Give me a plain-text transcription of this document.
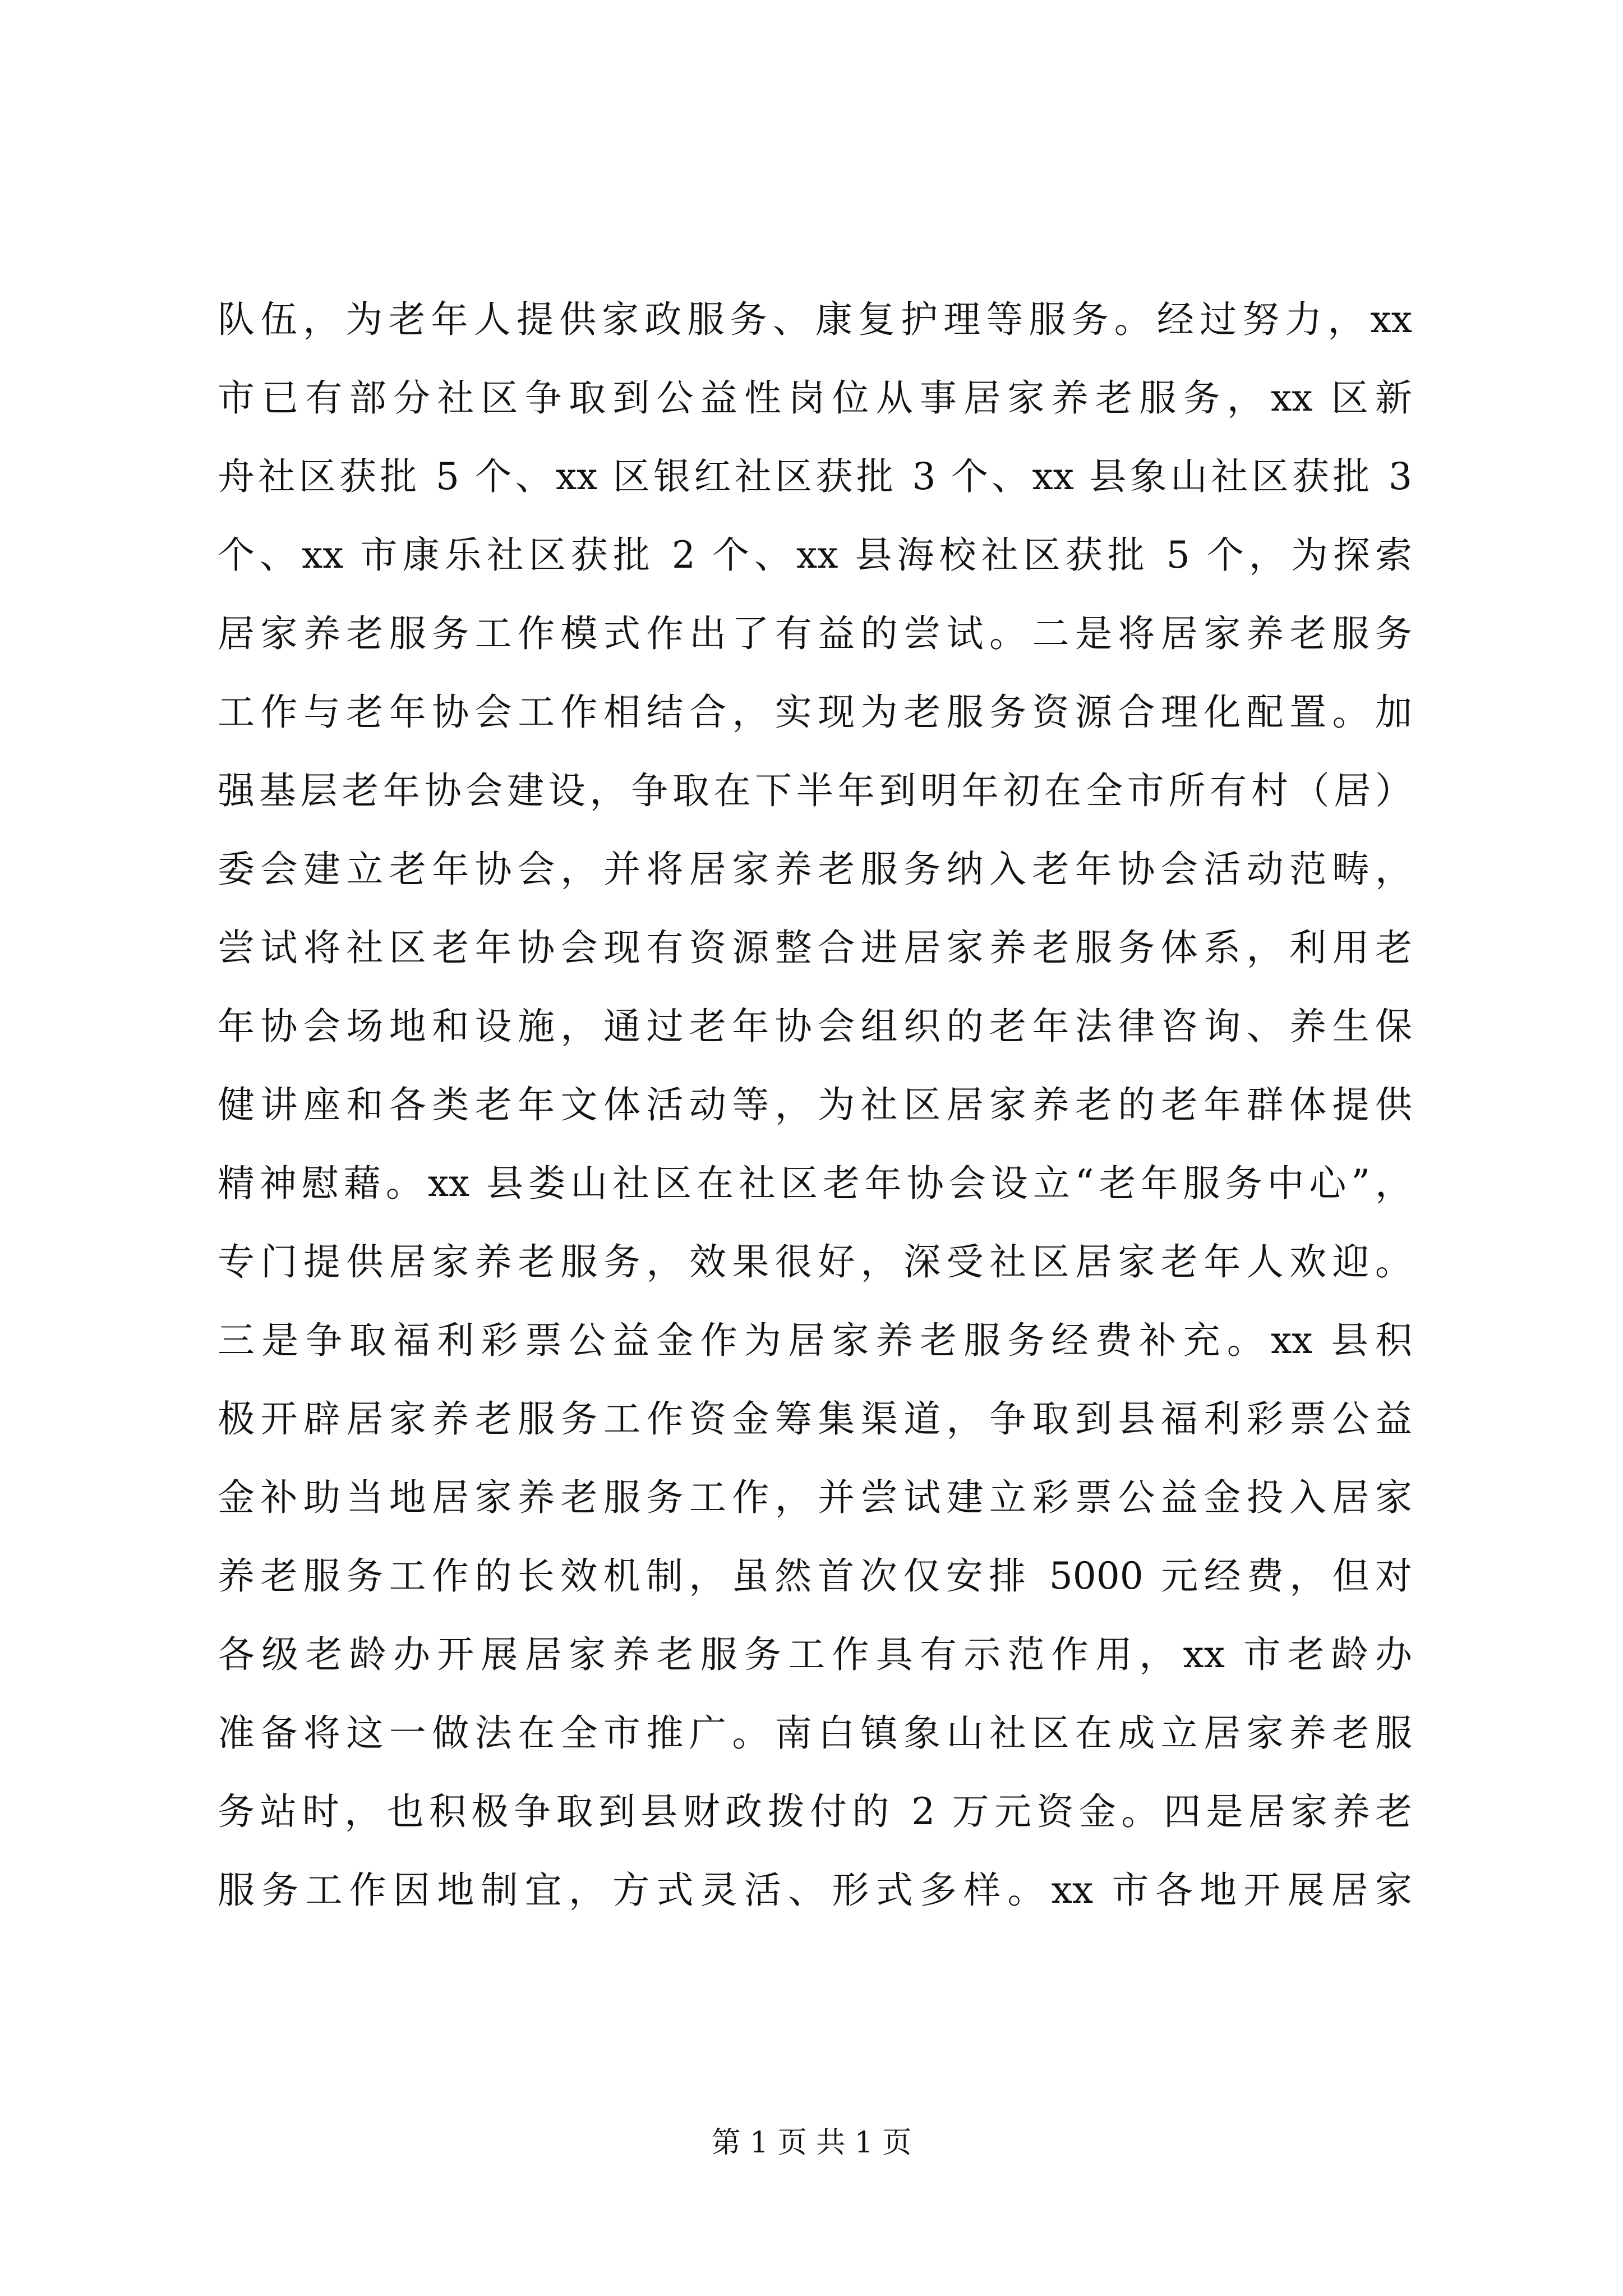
队伍，为老年人提供家政服务、康复护理等服务。经过努力，xx
市已有部分社区争取到公益性岗位从事居家养老服务，xx 区新
舟社区获批 5 个、xx 区银红社区获批 3 个、xx 县象山社区获批 3
个、xx 市康乐社区获批 2 个、xx 县海校社区获批 5 个，为探索
居家养老服务工作模式作出了有益的尝试。二是将居家养老服务
工作与老年协会工作相结合，实现为老服务资源合理化配置。加
强基层老年协会建设，争取在下半年到明年初在全市所有村（居）
委会建立老年协会，并将居家养老服务纳入老年协会活动范畴，
尝试将社区老年协会现有资源整合进居家养老服务体系，利用老
年协会场地和设施，通过老年协会组织的老年法律咨询、养生保
健讲座和各类老年文体活动等，为社区居家养老的老年群体提供
精神慰藉。xx 县娄山社区在社区老年协会设立“老年服务中心”，
专门提供居家养老服务，效果很好，深受社区居家老年人欢迎。
三是争取福利彩票公益金作为居家养老服务经费补充。xx 县积
极开辟居家养老服务工作资金筹集渠道，争取到县福利彩票公益
金补助当地居家养老服务工作，并尝试建立彩票公益金投入居家
养老服务工作的长效机制，虽然首次仅安排 5000 元经费，但对
各级老龄办开展居家养老服务工作具有示范作用，xx 市老龄办
准备将这一做法在全市推广。南白镇象山社区在成立居家养老服
务站时，也积极争取到县财政拨付的 2 万元资金。四是居家养老
服务工作因地制宜，方式灵活、形式多样。xx 市各地开展居家
第 1 页 共 1 页
